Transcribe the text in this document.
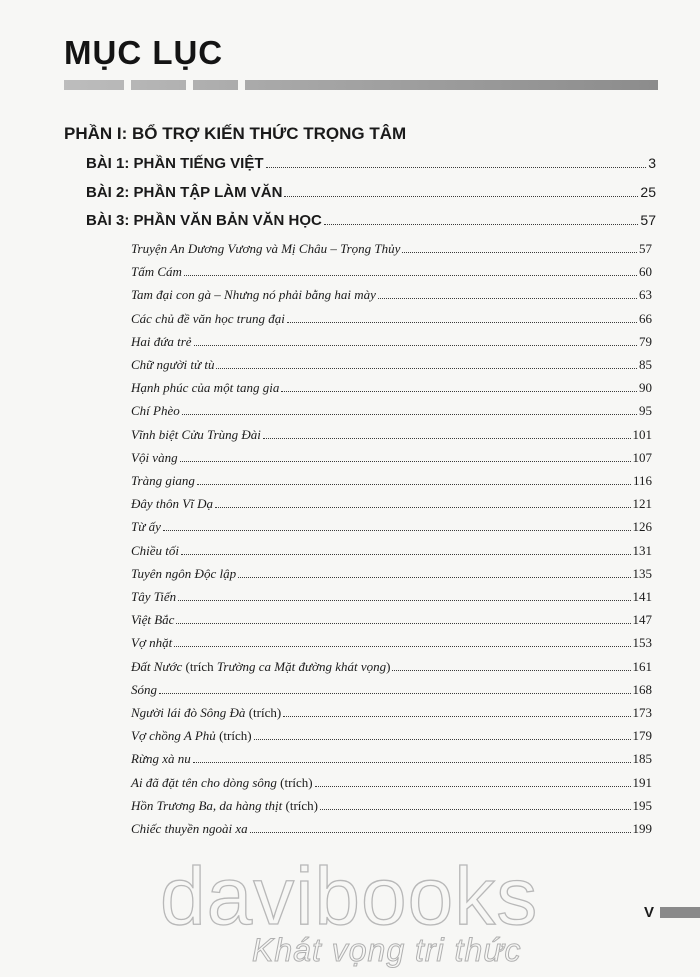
MỤC LỤC
PHẦN I: BỔ TRỢ KIẾN THỨC TRỌNG TÂM
BÀI 1: PHẦN TIẾNG VIỆT	3
BÀI 2: PHẦN TẬP LÀM VĂN	25
BÀI 3: PHẦN VĂN BẢN VĂN HỌC	57
Truyện An Dương Vương và Mị Châu – Trọng Thủy	57
Tấm Cám	60
Tam đại con gà – Nhưng nó phải bằng hai mày	63
Các chủ đề văn học trung đại	66
Hai đứa trẻ	79
Chữ người tử tù	85
Hạnh phúc của một tang gia	90
Chí Phèo	95
Vĩnh biệt Cửu Trùng Đài	101
Vội vàng	107
Tràng giang	116
Đây thôn Vĩ Dạ	121
Từ ấy	126
Chiều tối	131
Tuyên ngôn Độc lập	135
Tây Tiến	141
Việt Bắc	147
Vợ nhặt	153
Đất Nước (trích Trường ca Mặt đường khát vọng)	161
Sóng	168
Người lái đò Sông Đà (trích)	173
Vợ chồng A Phủ (trích)	179
Rừng xà nu	185
Ai đã đặt tên cho dòng sông (trích)	191
Hồn Trương Ba, da hàng thịt (trích)	195
Chiếc thuyền ngoài xa	199
davibooks
Khát vọng tri thức
V
